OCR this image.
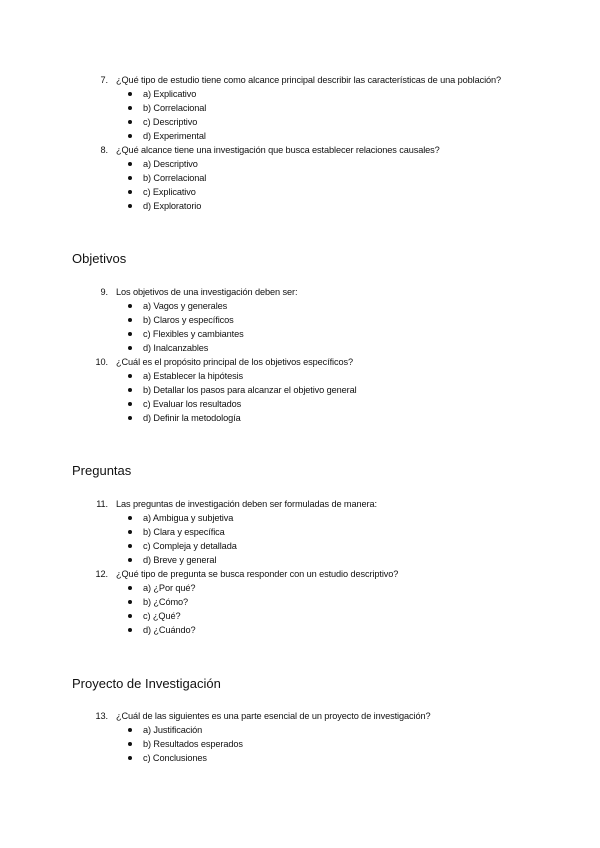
7. ¿Qué tipo de estudio tiene como alcance principal describir las características de una población?
a) Explicativo
b) Correlacional
c) Descriptivo
d) Experimental
8. ¿Qué alcance tiene una investigación que busca establecer relaciones causales?
a) Descriptivo
b) Correlacional
c) Explicativo
d) Exploratorio
Objetivos
9. Los objetivos de una investigación deben ser:
a) Vagos y generales
b) Claros y específicos
c) Flexibles y cambiantes
d) Inalcanzables
10. ¿Cuál es el propósito principal de los objetivos específicos?
a) Establecer la hipótesis
b) Detallar los pasos para alcanzar el objetivo general
c) Evaluar los resultados
d) Definir la metodología
Preguntas
11. Las preguntas de investigación deben ser formuladas de manera:
a) Ambigua y subjetiva
b) Clara y específica
c) Compleja y detallada
d) Breve y general
12. ¿Qué tipo de pregunta se busca responder con un estudio descriptivo?
a) ¿Por qué?
b) ¿Cómo?
c) ¿Qué?
d) ¿Cuándo?
Proyecto de Investigación
13. ¿Cuál de las siguientes es una parte esencial de un proyecto de investigación?
a) Justificación
b) Resultados esperados
c) Conclusiones
